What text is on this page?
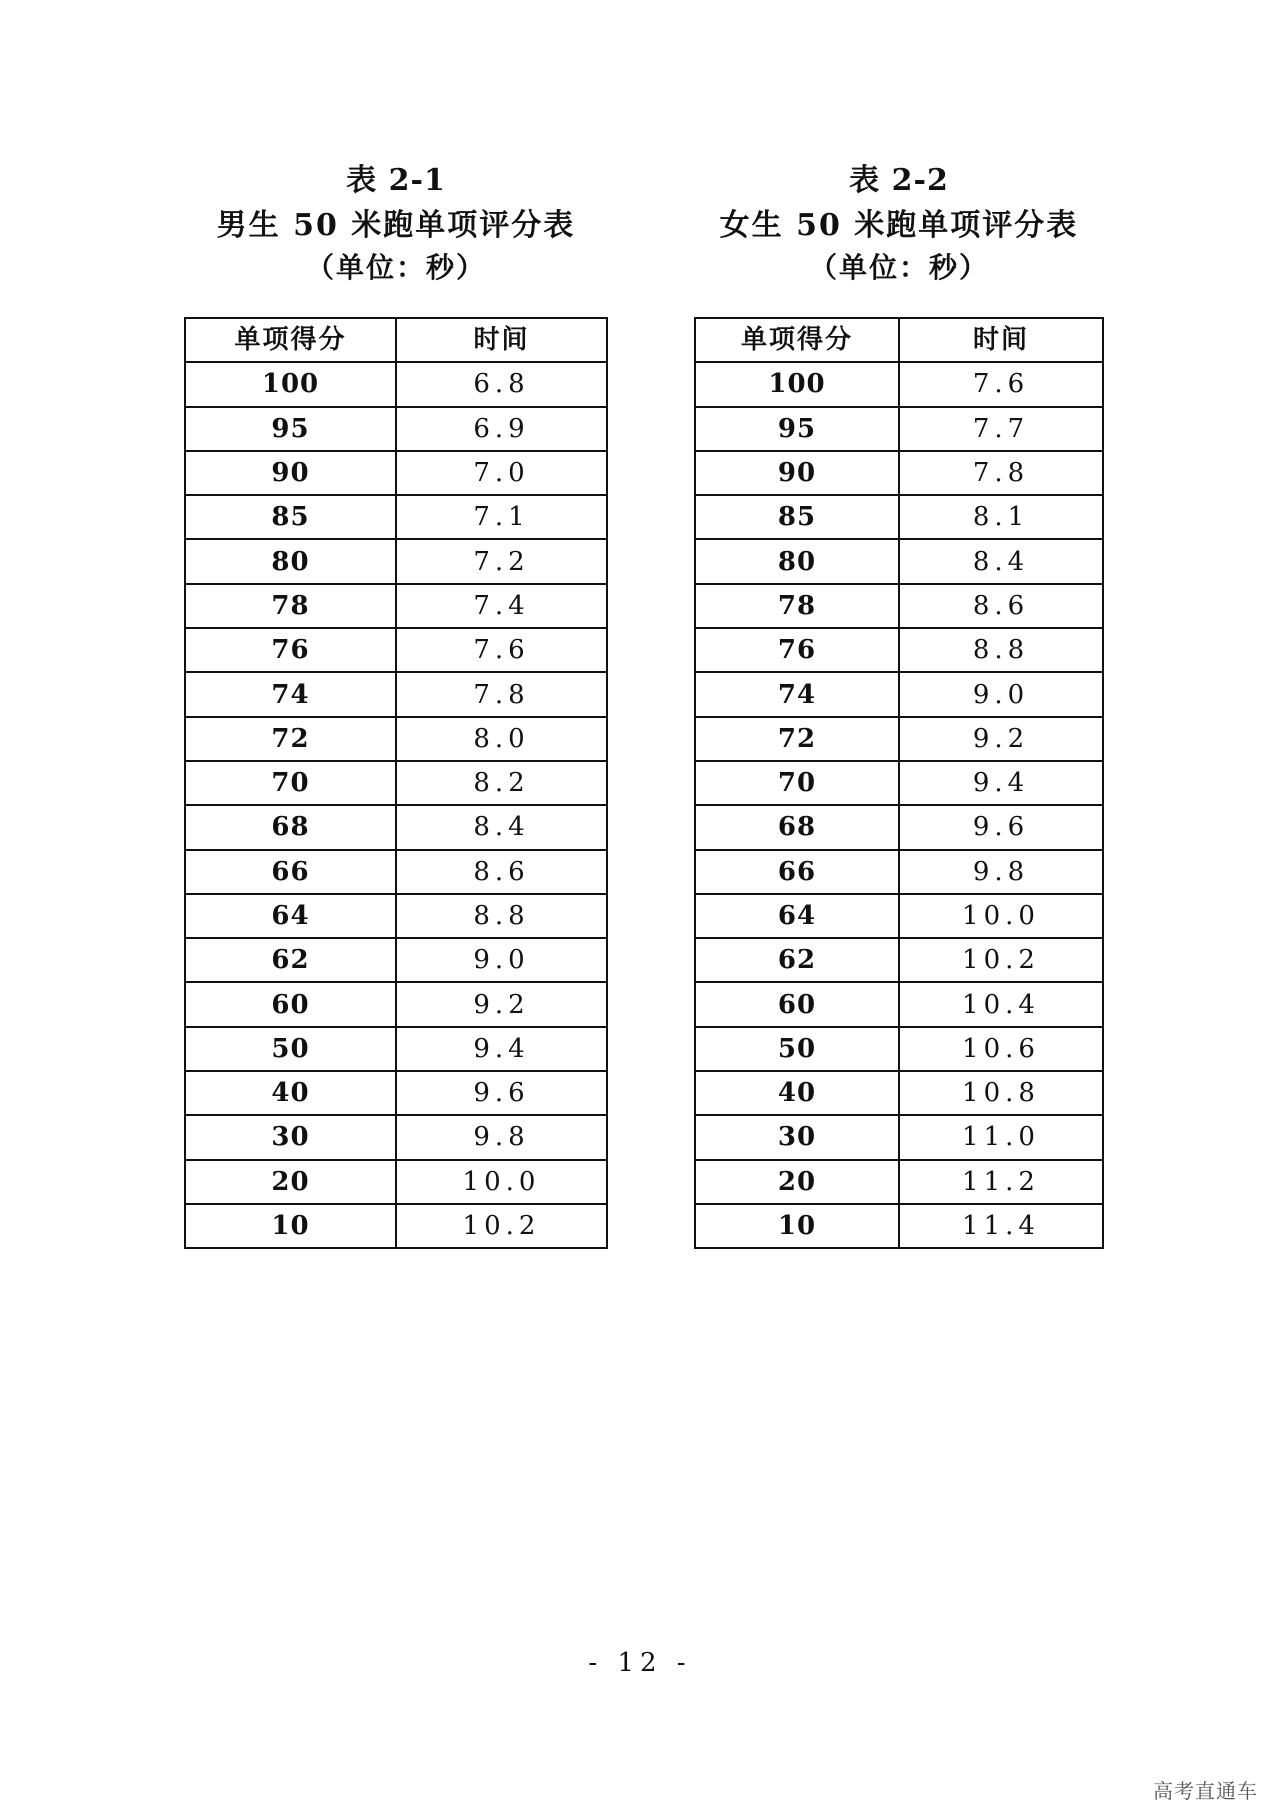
表 2-1
男生 50 米跑单项评分表
（单位：秒）
单项得分	时间
100	6.8
95	6.9
90	7.0
85	7.1
80	7.2
78	7.4
76	7.6
74	7.8
72	8.0
70	8.2
68	8.4
66	8.6
64	8.8
62	9.0
60	9.2
50	9.4
40	9.6
30	9.8
20	10.0
10	10.2
表 2-2
女生 50 米跑单项评分表
（单位：秒）
单项得分	时间
100	7.6
95	7.7
90	7.8
85	8.1
80	8.4
78	8.6
76	8.8
74	9.0
72	9.2
70	9.4
68	9.6
66	9.8
64	10.0
62	10.2
60	10.4
50	10.6
40	10.8
30	11.0
20	11.2
10	11.4
- 12 -
高考直通车
